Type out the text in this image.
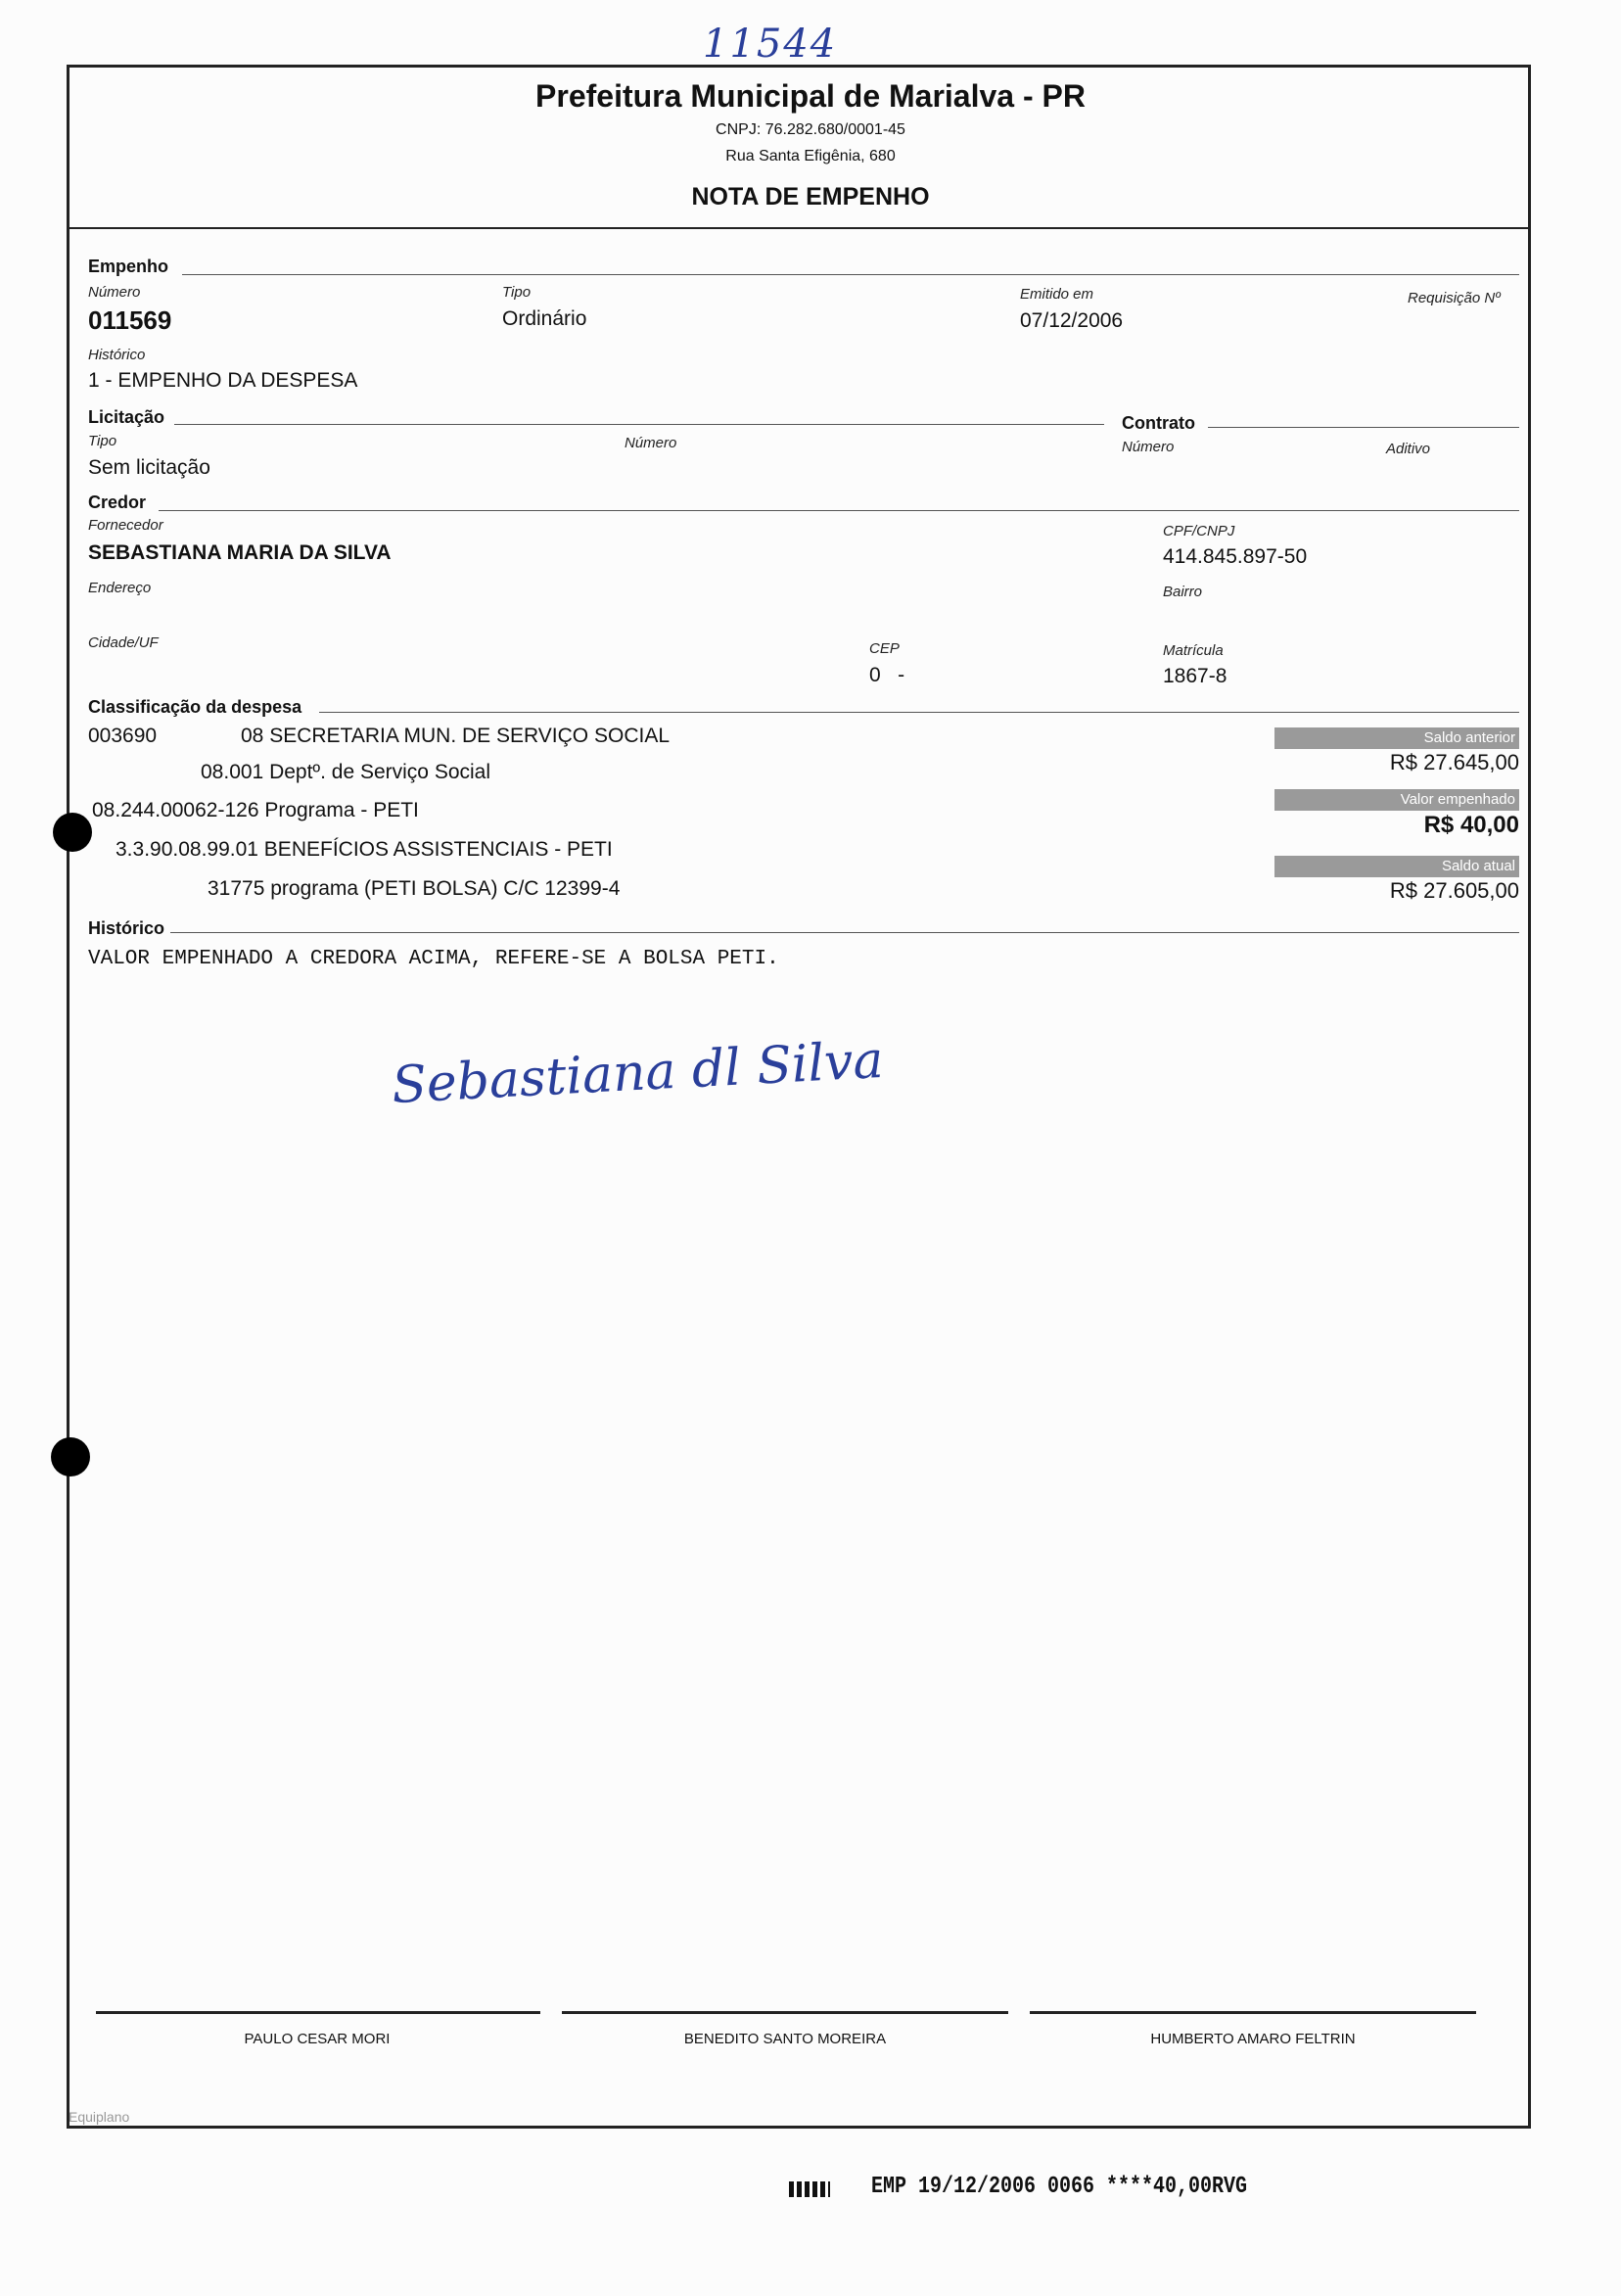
11544
Prefeitura Municipal de Marialva - PR
CNPJ: 76.282.680/0001-45
Rua Santa Efigênia, 680
NOTA DE EMPENHO
Empenho
Número
011569
Tipo
Ordinário
Emitido em
07/12/2006
Requisição Nº
Histórico
1 - EMPENHO DA DESPESA
Licitação	Contrato
Tipo
Sem licitação
Número	Número	Aditivo
Credor
Fornecedor
SEBASTIANA MARIA DA SILVA
CPF/CNPJ
414.845.897-50
Endereço	Bairro
Cidade/UF	CEP
0   -
Matrícula
1867-8
Classificação da despesa
003690	08 SECRETARIA MUN. DE SERVIÇO SOCIAL
08.001 Deptº. de Serviço Social
08.244.00062-126 Programa - PETI
3.3.90.08.99.01 BENEFÍCIOS ASSISTENCIAIS - PETI
31775 programa (PETI BOLSA) C/C 12399-4
Saldo anterior
R$ 27.645,00
Valor empenhado
R$ 40,00
Saldo atual
R$ 27.605,00
Histórico
VALOR EMPENHADO A CREDORA ACIMA, REFERE-SE A BOLSA PETI.
Sebastiana dl Silva
PAULO CESAR MORI	BENEDITO SANTO MOREIRA	HUMBERTO AMARO FELTRIN
Equiplano
EMP 19/12/2006 0066 ****40,00RVG
